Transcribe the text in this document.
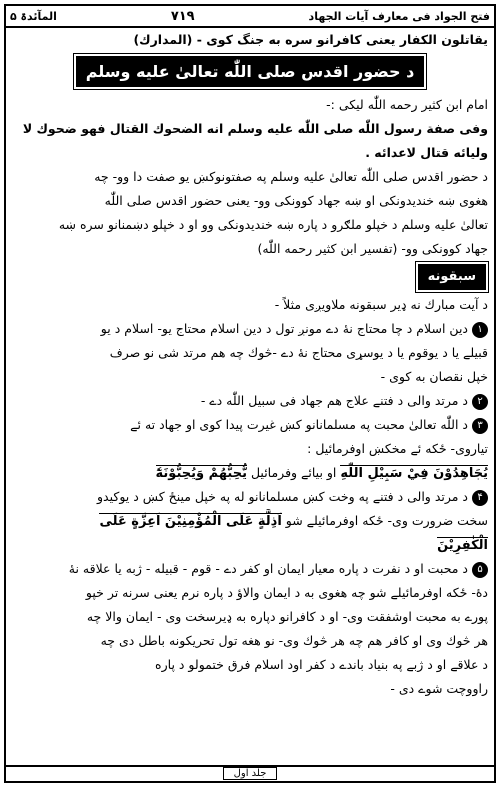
فتح الجواد فی معارف آیات الجهاد
۷۱۹
المآئدۃ ۵
يقاتلون الكفار يعنی كافرانو سره به جنگ كوی - (المدارك)
د حضور اقدس صلی اللّٰه تعالیٰ علیه وسلم صفت	امام ابن كثیر رحمه اللّٰه لیكی :-
وفی صفة رسول اللّٰه صلی اللّٰه علیه وسلم انه الضحوك القتال فهو ضحوك لا
ولیائه قتال لاعدائه .
د حضور اقدس صلی اللّٰه تعالیٰ علیه وسلم په صفتونوكښ یو صفت دا وو- چه
هغوی ښه خندیدونكی او ښه جهاد كوونكی وو- یعنی حضور اقدس صلی اللّٰه
تعالیٰ علیه وسلم د خپلو ملګرو د پاره ښه خندیدونكی وو او د خپلو دښمنانو سره ښه
جهاد كوونكی وو- (تفسیر ابن كثیر رحمه اللّٰه)
سبقونه
د آیت مبارك نه ډیر سبقونه ملاویږی مثلاً -
۱دین اسلام د چا محتاج نهٔ دے مونږ تول د دین اسلام محتاج یو- اسلام د یو
قبیلے یا د یوقوم یا د یوسړی محتاج نهٔ دے -څوك چه هم مرتد شی نو صرف
خپل نقصان به كوی -
۲د مرتد والی د فتنے علاج هم جهاد فی سبیل اللّٰه دے -
۳د اللّٰه تعالیٰ محبت په مسلمانانو كښ غیرت پیدا كوی او جهاد ته ئے
تیاروی- ځكه ئے مخكښ اوفرمائیل :
يُجَاهِدُوْنَ فِيْ سَبِيْلِ اللّٰهِ او بیائے وفرمائیل يُّحِبُّهُمْ وَيُحِبُّوْنَهٗٓ
۴د مرتد والی د فتنے په وخت كښ مسلمانانو له په خپل مینځ كښ د یوكیدو
سخت ضرورت وی- ځكه اوفرمائیلے شو اَذِلَّةٍ عَلَى الْمُؤْمِنِيْنَ اَعِزَّةٍ عَلَى
الْكٰفِرِيْنَ
۵د محبت او د نفرت د پاره معیار ایمان او كفر دے - قوم - قبیله - ژبه یا علاقه نهٔ
دهٔ- ځكه اوفرمائیلے شو چه هغوی به د ایمان والاؤ د پاره نرم یعنی سرنه تر خپو
پورے به محبت اوشفقت وی- او د كافرانو دپاره به ډیرسخت وی - ایمان والا چه
هر څوك وی او كافر هم چه هر څوك وی- نو هغه تول تحریكونه باطل دی چه
د علاقے او د ژبے په بنیاد باندے د كفر اود اسلام فرق ختمولو د پاره
راووچت شوے دی -
جلد اول
